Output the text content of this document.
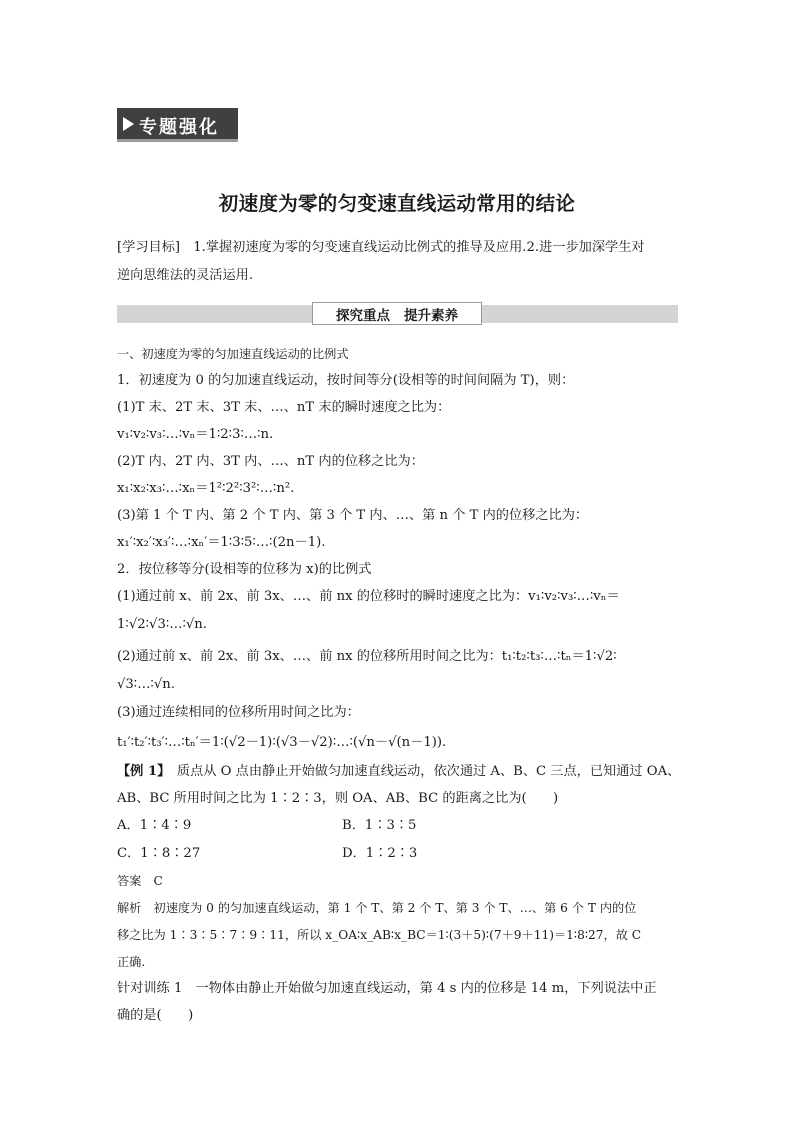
专题强化
初速度为零的匀变速直线运动常用的结论
[学习目标]　1.掌握初速度为零的匀变速直线运动比例式的推导及应用.2.进一步加深学生对
逆向思维法的灵活运用.
探究重点 提升素养
一、初速度为零的匀加速直线运动的比例式
1．初速度为 0 的匀加速直线运动，按时间等分(设相等的时间间隔为 T)，则：
(1)T 末、2T 末、3T 末、…、nT 末的瞬时速度之比为：
v₁∶v₂∶v₃∶…∶vₙ＝1∶2∶3∶…∶n.
(2)T 内、2T 内、3T 内、…、nT 内的位移之比为：
x₁∶x₂∶x₃∶…∶xₙ＝1²∶2²∶3²∶…∶n².
(3)第 1 个 T 内、第 2 个 T 内、第 3 个 T 内、…、第 n 个 T 内的位移之比为：
x₁′∶x₂′∶x₃′∶…∶xₙ′＝1∶3∶5∶…∶(2n－1).
2．按位移等分(设相等的位移为 x)的比例式
(1)通过前 x、前 2x、前 3x、…、前 nx 的位移时的瞬时速度之比为：v₁∶v₂∶v₃∶…∶vₙ＝
1∶√2∶√3∶…∶√n.
(2)通过前 x、前 2x、前 3x、…、前 nx 的位移所用时间之比为：t₁∶t₂∶t₃∶…∶tₙ＝1∶√2∶
√3∶…∶√n.
(3)通过连续相同的位移所用时间之比为：
t₁′∶t₂′∶t₃′∶…∶tₙ′＝1∶(√2－1)∶(√3－√2)∶…∶(√n－√(n－1)).
【例 1】　质点从 O 点由静止开始做匀加速直线运动，依次通过 A、B、C 三点，已知通过 OA、
AB、BC 所用时间之比为 1∶2∶3，则 OA、AB、BC 的距离之比为(　　)
A．1∶4∶9	B．1∶3∶5
C．1∶8∶27	D．1∶2∶3
答案　C
解析　初速度为 0 的匀加速直线运动，第 1 个 T、第 2 个 T、第 3 个 T、…、第 6 个 T 内的位
移之比为 1∶3∶5∶7∶9∶11，所以 x_OA∶x_AB∶x_BC＝1∶(3＋5)∶(7＋9＋11)＝1∶8∶27，故 C
正确.
针对训练 1　一物体由静止开始做匀加速直线运动，第 4 s 内的位移是 14 m，下列说法中正
确的是(　　)
